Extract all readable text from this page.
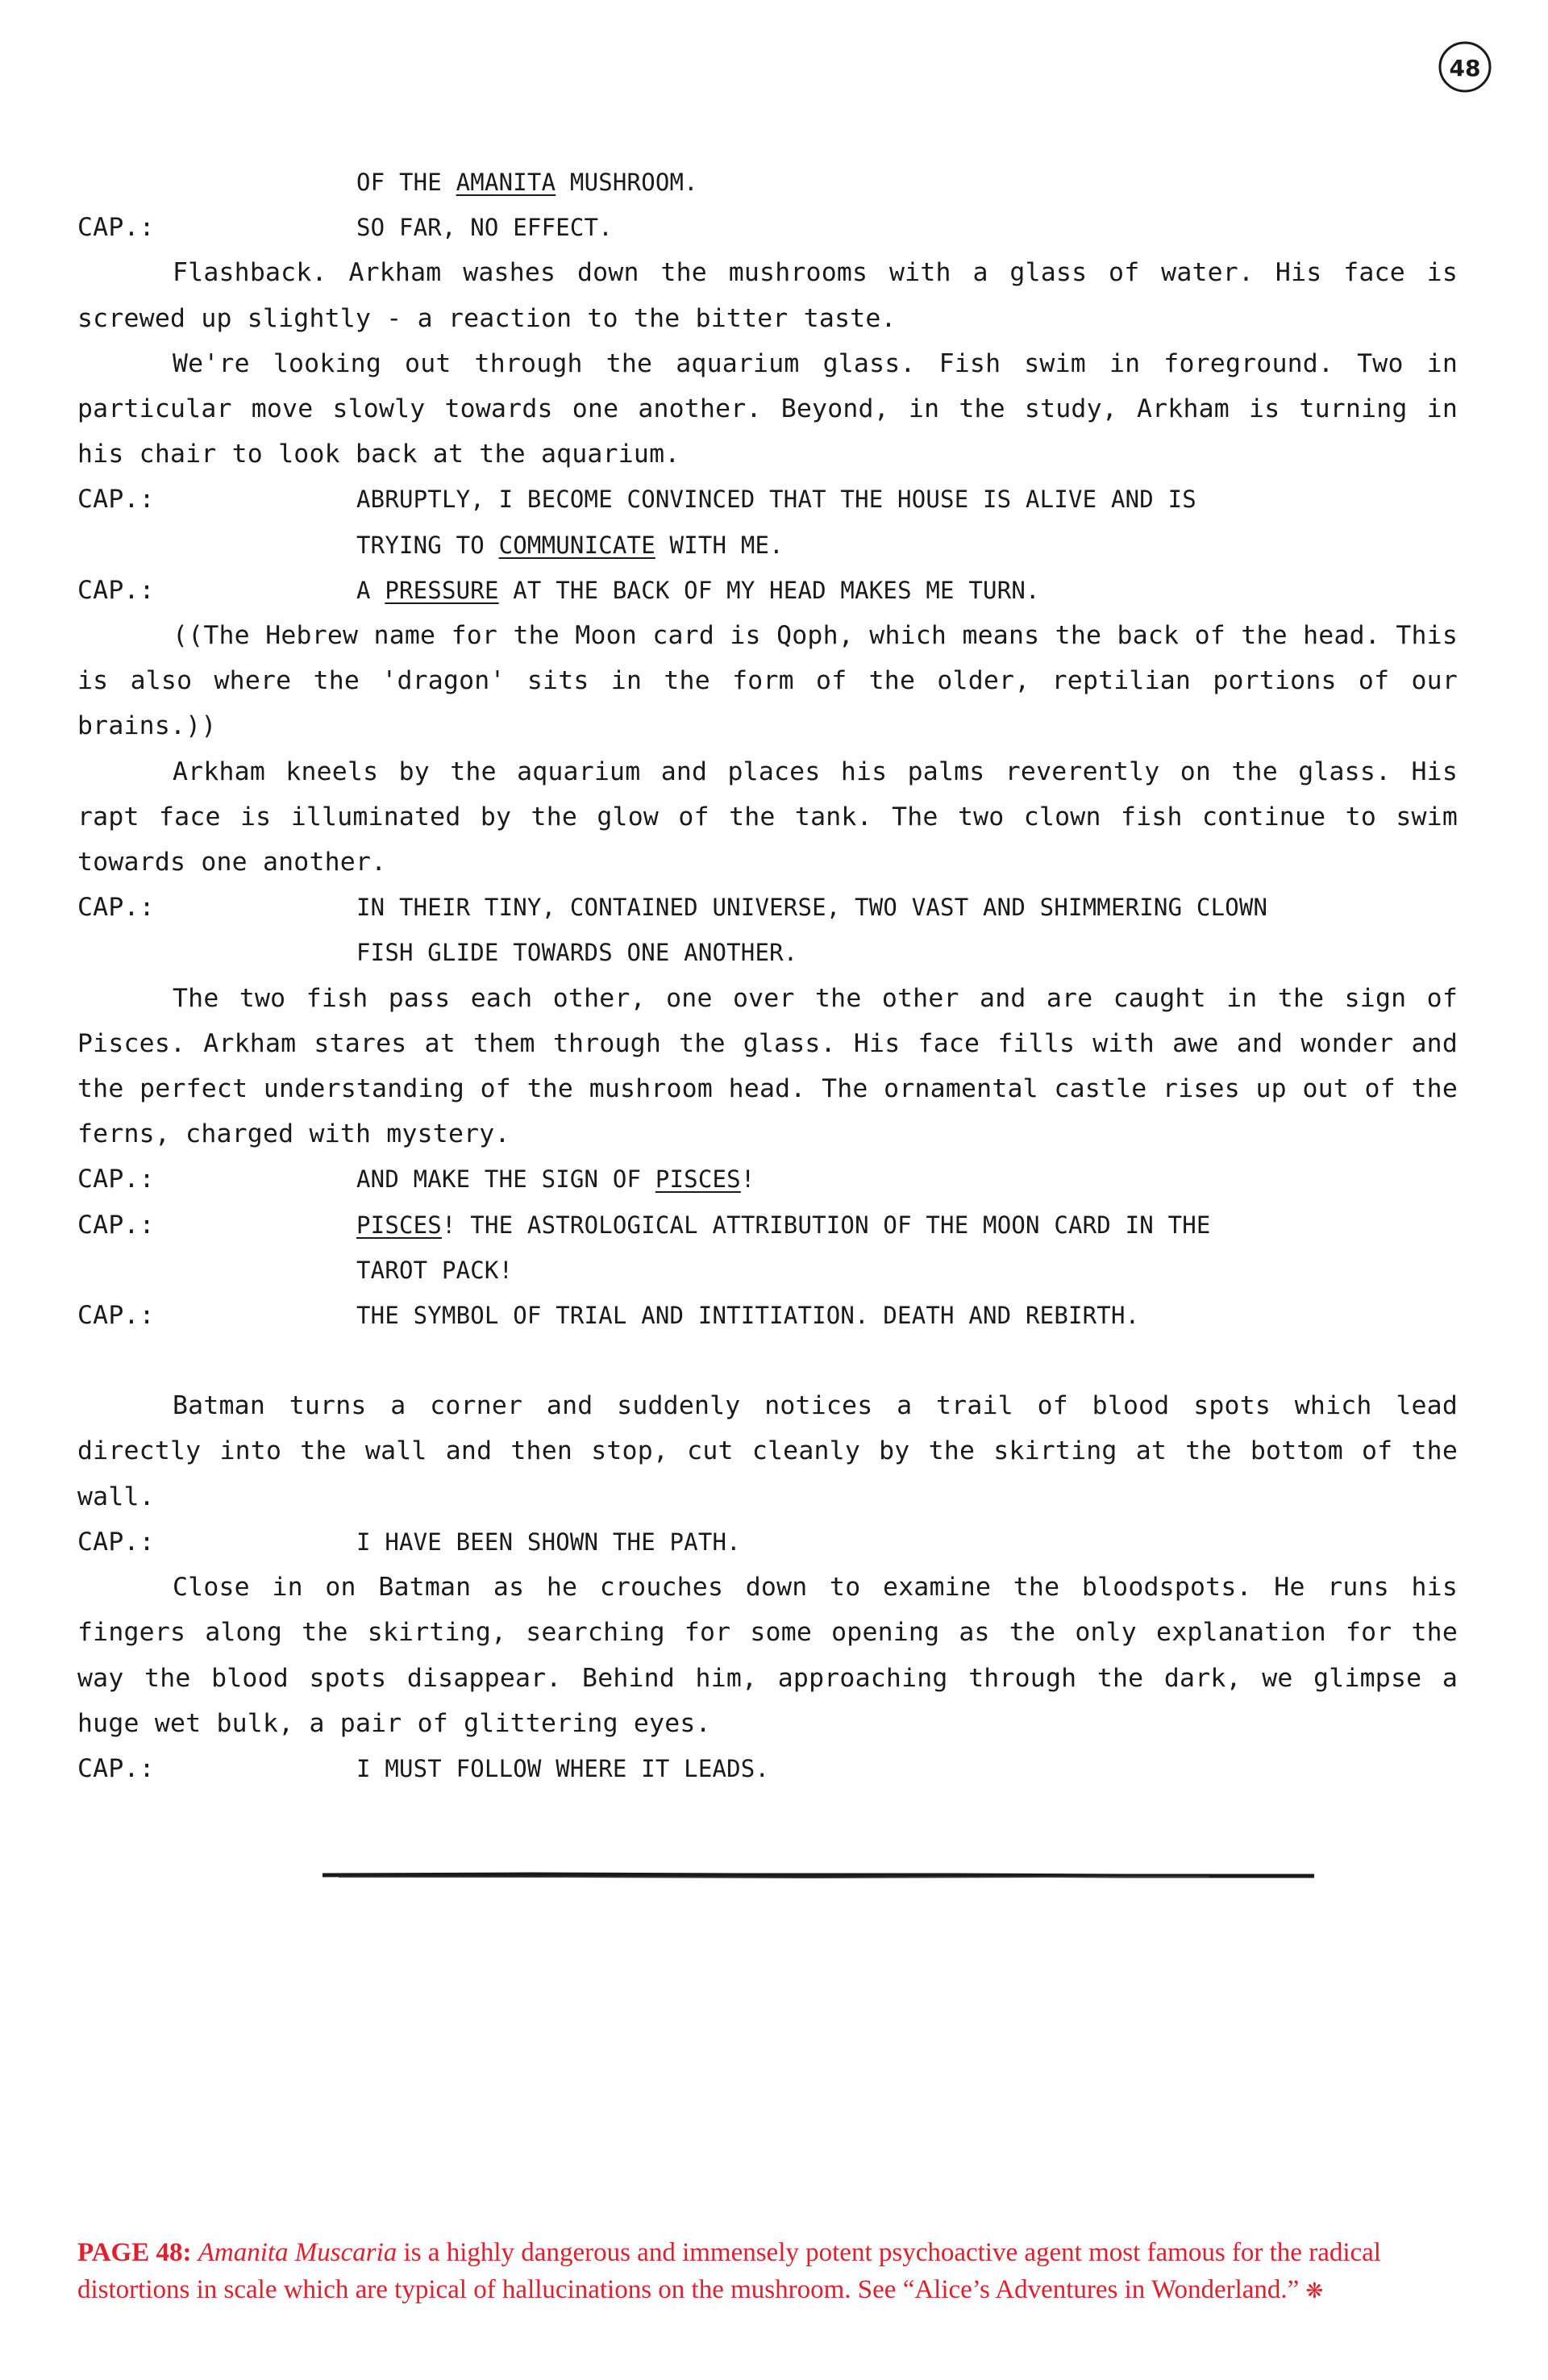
48
OF THE AMANITA MUSHROOM.
CAP.:	SO FAR, NO EFFECT.
Flashback. Arkham washes down the mushrooms with a glass of water. His face is screwed up slightly - a reaction to the bitter taste.
We're looking out through the aquarium glass. Fish swim in foreground. Two in particular move slowly towards one another. Beyond, in the study, Arkham is turning in his chair to look back at the aquarium.
CAP.:	ABRUPTLY, I BECOME CONVINCED THAT THE HOUSE IS ALIVE AND IS
TRYING TO COMMUNICATE WITH ME.
CAP.:	A PRESSURE AT THE BACK OF MY HEAD MAKES ME TURN.
((The Hebrew name for the Moon card is Qoph, which means the back of the head. This is also where the 'dragon' sits in the form of the older, reptilian portions of our brains.))
Arkham kneels by the aquarium and places his palms reverently on the glass. His rapt face is illuminated by the glow of the tank. The two clown fish continue to swim towards one another.
CAP.:	IN THEIR TINY, CONTAINED UNIVERSE, TWO VAST AND SHIMMERING CLOWN
FISH GLIDE TOWARDS ONE ANOTHER.
The two fish pass each other, one over the other and are caught in the sign of Pisces. Arkham stares at them through the glass. His face fills with awe and wonder and the perfect understanding of the mushroom head. The ornamental castle rises up out of the ferns, charged with mystery.
CAP.:	AND MAKE THE SIGN OF PISCES!
CAP.:	PISCES! THE ASTROLOGICAL ATTRIBUTION OF THE MOON CARD IN THE
TAROT PACK!
CAP.:	THE SYMBOL OF TRIAL AND INTITIATION. DEATH AND REBIRTH.
Batman turns a corner and suddenly notices a trail of blood spots which lead directly into the wall and then stop, cut cleanly by the skirting at the bottom of the wall.
CAP.:	I HAVE BEEN SHOWN THE PATH.
Close in on Batman as he crouches down to examine the bloodspots. He runs his fingers along the skirting, searching for some opening as the only explanation for the way the blood spots disappear. Behind him, approaching through the dark, we glimpse a huge wet bulk, a pair of glittering eyes.
CAP.:	I MUST FOLLOW WHERE IT LEADS.
PAGE 48: Amanita Muscaria is a highly dangerous and immensely potent psychoactive agent most famous for the radical distortions in scale which are typical of hallucinations on the mushroom. See “Alice’s Adventures in Wonderland.” ❋
